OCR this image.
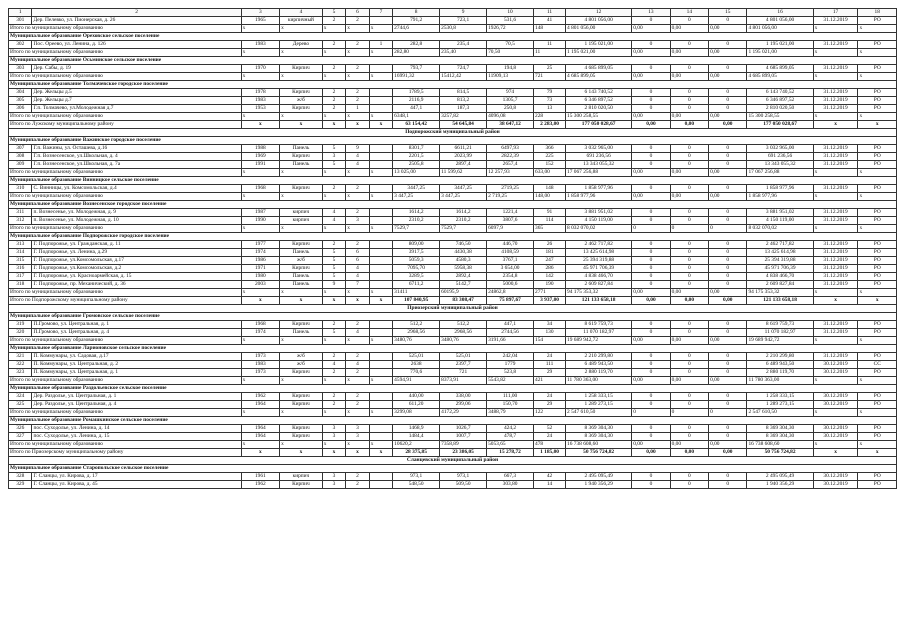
1	2	3	4	5	6	7	8	9	10	11	12	13	14	15	16	17	18
301	Дер. Пелевко, ул. Пионерская, д. 26	1965	кирпичный	2	2		791,2	723,1	531,6	41	4 801 056,00	0	0	0	4 801 056,00	31.12.2019	РО
Итого по муниципальному образованию		x	x	x	x	x	2744,6	2530,8	1926,72	148	4 801 056,00	0,00	0,00	0,00	4 801 056,00	x	x
Муниципальное образование Ореховское сельское поселение																	
302	Пос. Ореево, ул. Ленина, д. 126	1983	Дерево	2	2	1	282,8	235,4	70,5	11	1 195 021,00	0	0	0	1 195 021,00	31.12.2019	РО
Итого по муниципальному образованию		x	x	x	x	x	282,80	235,40	70,50	11	1 195 021,00	0,00	0,00	0,00	1 195 021,00	x	x
Муниципальное образование Осьминское сельское поселение																	
303	Дер. Сабы, д. 19	1970	Кирпич	2	2		793,7	724,7	194,8	25	4 685 899,05	0	0	0	4 685 899,05	31.12.2019	РО
Итого по муниципальному образованию		x	x	x	x	x	16991,32	15412,42	11909,13	721	4 685 899,05	0,00	0,00	0,00	4 685 899,05	x	x
Муниципальное образование Толмачевское городское поселение																	
304	Дер. Жельцы д.5	1978	Кирпич	2	2		1789,5	814,5	974	79	6 143 740,52	0	0	0	6 143 740,52	31.12.2019	РО
305	Дер. Жельцы д.7	1983	ж/б	2	2		2116,9	813,2	1305,7	73	6 346 897,52	0	0	0	6 346 897,52	31.12.2019	РО
306	Г.п. Толмачево, ул.Молодежная д.7	1953	Кирпич	2	1		447,1	187,3	250,8	13	2 810 020,50	0	0	0	2 810 020,50	31.12.2019	РО
Итого по муниципальному образованию		x	x	x	x	x	6348,1	3257,82	4096,08	228	15 300 258,55	0,00	0,00	0,00	15 300 258,55	x	x
Итого по Лужскому муниципальному району		x	x	x	x	x	63 154,42	54 645,84	38 647,12	2 283,00	177 050 028,67	0,00	0,00	0,00	177 050 028,67	x	x
Подпорожский муниципальный район																	
Муниципальное образование Важинское городское поселение																	
307	Г.п. Важины, ул. Осташева, д.16	1988	Панель	5	9		8301,7	6611,21	6497,93	366	3 032 965,00	0	0	0	3 032 965,00	31.12.2019	РО
308	Г.п. Вознесенское, ул.Школьная, д. 4	1969	Кирпич	3	4		2201,5	2023,99	2822,39	225	691 236,56	0	0	0	691 236,56	31.12.2019	РО
309	Г.п. Вознесенское, ул.Школьная, д. 7а	1991	Панель	5	4		2505,8	2897,4	2657,4	152	13 343 055,32	0	0	0	13 343 055,32	31.12.2019	РО
Итого по муниципальному образованию		x	x	x	x	x	13 025,00	11 599,62	12 257,93	633,00	17 067 256,88	0,00	0,00	0,00	17 067 256,88	x	x
Муниципальное образование Винницкое сельское поселение																	
310	С. Винницы, ул. Комсомольская, д.4	1968	Кирпич	2	2		3447,25	3447,25	2719,25	148	1 858 977,96	0	0	0	1 858 977,96	31.12.2019	РО
Итого по муниципальному образованию		x	x	x	x	x	3 447,25	3 447,25	2 719,25	148,00	1 858 977,96	0,00	0,00	0,00	1 858 977,96	x	x
Муниципальное образование Вознесенское городское поселение																	
311	п. Вознесенье, ул. Молодежная, д. 9	1987	кирпич	4	2		1614,2	1614,2	1221,4	91	3 881 951,02	0	0	0	3 881 951,02	31.12.2019	РО
312	п. Вознесенье, ул. Молодежная, д. 10	1990	кирпич	4	3		2310,2	2310,2	3807,6	114	4 150 119,00	0	0	0	4 150 119,00	31.12.2019	РО
Итого по муниципальному образованию		x	x	x	x	x	7529,7	7529,7	6097,9	365	8 032 070,02	0	0	0	8 032 070,02	x	x
Муниципальное образование Подпорожское городское поселение																	
313	Г. Подпорожье, ул. Гражданская, д. 11	1977	Кирпич	2	2		809,00	746,50	446,70	26	2 462 717,82	0	0	0	2 462 717,82	31.12.2019	РО
314	Г. Подпорожье, ул. Ленина, д.29	1974	Панель	5	6		3917,5	4430,38	4108,59	181	13 425 614,98	0	0	0	13 425 614,98	31.12.2019	РО
315	Г. Подпорожье, ул.Комсомольская, д.17	1986	ж/б	5	6		5059,3	4580,3	3767,1	247	25 394 319,88	0	0	0	25 394 319,88	31.12.2019	РО
316	Г. Подпорожье, ул.Комсомольская, д.2	1971	Кирпич	5	4		7095,70	5958,38	3 654,00	286	45 971 706,39	0	0	0	45 971 706,39	31.12.2019	РО
317	Г. Подпорожье, ул. Красноармейская, д. 15	1980	Панель	5	4		3289,5	2892,4	2354,8	142	4 838 466,70	0	0	0	4 838 466,70	31.12.2019	РО
318	Г. Подпорожье, пр. Механический, д. 36	2003	Панель	9	7		6711,2	5142,7	5000,6	190	2 609 827,84	0	0	0	2 609 827,84	31.12.2019	РО
Итого по муниципальному образованию		x	x	x	x	x	31411	60195,9	24862,8	2771	94 175 353,32	0,00	0,00	0,00	94 175 353,32	x	x
Итого по Подпорожскому муниципальному району		x	x	x	x	x	107 840,95	83 308,47	75 897,67	3 937,00	121 133 658,18	0,00	0,00	0,00	121 133 658,18	x	x
Приозерский муниципальный район																	
Муниципальное образование Громовское сельское поселение																	
319	П.Громово, ул. Центральная, д. 1	1968	Кирпич	2	2		512,2	512,2	447,1	34	8 619 759,73	0	0	0	8 619 759,73	31.12.2019	РО
320	П.Громово, ул. Центральная, д. 4	1974	Панель	5	4		2968,56	2968,56	2744,56	130	11 070 182,97	0	0	0	11 070 182,97	31.12.2019	РО
Итого по муниципальному образованию		x	x	x	x	x	3480,76	3480,76	3191,66	154	19 689 942,72	0,00	0,00	0,00	19 689 942,72	x	x
Муниципальное образование Ларионовское сельское поселение																	
321	П. Коммунары, ул. Садовая, д.17	1973	ж/б	2	2		525,01	525,01	242,04	24	2 210 299,80	0	0	0	2 210 299,80	31.12.2019	РО
322	П. Коммунары, ул. Центральная, д. 2	1983	ж/б	4	4		2638	2397,7	1779	111	6 489 943,50	0	0	0	6 489 943,50	30.12.2019	СС
323	П. Коммунары, ул. Центральная, д. 1	1973	Кирпич	2	2		770,6	721	523,8	29	2 880 119,70	0	0	0	2 880 119,70	30.12.2019	РО
Итого по муниципальному образованию		x	x	x	x	x	4594,91	8373,91	5543,82	421	11 780 363,00	0,00	0,00	0,00	11 780 363,00	x	x
Муниципальное образование Раздольевское сельское поселение																	
324	Дер. Раздолье, ул. Центральная, д. 1	1962	Кирпич	2	2		440,00	338,00	111,00	24	1 258 333,15	0	0	0	1 258 333,15	30.12.2019	РО
325	Дер. Раздолье, ул. Центральная, д. 4	1964	Кирпич	2	2		611,20	299,06	150,70	29	1 289 273,15	0	0	0	1 289 273,15	30.12.2019	РО
Итого по муниципальному образованию		x	x	x	x	x	3299,08	4172,29	3488,79	122	2 547 610,50	0	0	0	2 547 610,50	x	x
Муниципальное образование Ромашкинское сельское поселение																	
326	пос. Суходолье, ул. Ленина, д. 14	1964	Кирпич	3	3		1468,9	1026,7	424,2	52	8 369 304,30	0	0	0	8 369 304,30	30.12.2019	РО
327	пос. Суходолье, ул. Ленина, д. 15	1964	Кирпич	3	3		1484,4	1007,7	478,7	24	8 369 304,30	0	0	0	8 369 304,30	30.12.2019	РО
Итого по муниципальному образованию		x	x	x	x	x	10620,2	7358,89	5053,65	478	16 738 608,60	0,00	0,00	0,00	16 738 608,60	x	x
Итого по Приозерскому муниципальному району		x	x	x	x	x	28 375,85	23 386,05	15 278,72	1 185,00	50 756 724,82	0,00	0,00	0,00	50 756 724,82	x	x
Сланцевский муниципальный район																	
Муниципальное образование Старопольское сельское поселение																	
328	Г. Сланцы, ул. Кирова, д. 17	1961	кирпич	3	2		973,1	973,1	667,3	42	2 495 095,49	0	0	0	2 495 095,49	30.12.2019	РО
329	Г. Сланцы, ул. Кирова, д. 45	1962	Кирпич	3	2		548,50	509,50	303,80	14	1 940 356,29	0	0	0	1 940 356,29	30.12.2019	РО
